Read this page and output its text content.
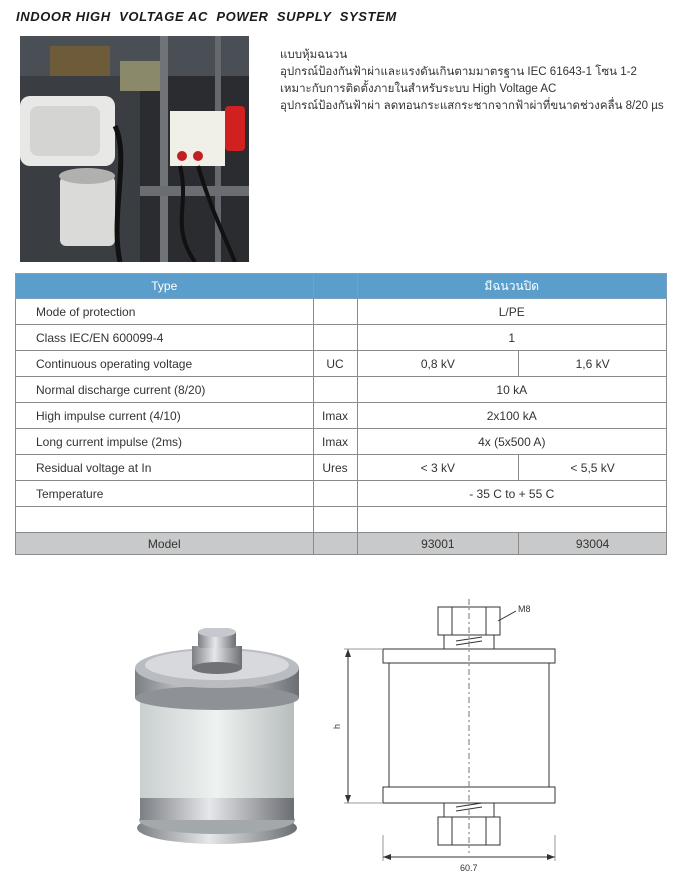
INDOOR HIGH  VOLTAGE AC  POWER  SUPPLY  SYSTEM
แบบหุ้มฉนวน
อุปกรณ์ป้องกันฟ้าผ่าและแรงดันเกินตามมาตรฐาน IEC 61643-1 โซน 1-2
เหมาะกับการติดตั้งภายในสำหรับระบบ High Voltage AC
อุปกรณ์ป้องกันฟ้าผ่า ลดทอนกระแสกระชากจากฟ้าผ่าที่ขนาดช่วงคลื่น 8/20 µs
Type		มีฉนวนปิด	
Mode of protection		L/PE	
Class IEC/EN 600099-4		1	
Continuous operating voltage	UC	0,8 kV	1,6 kV
Normal discharge current (8/20)		10 kA	
High impulse current (4/10)	Imax	2x100 kA	
Long current impulse (2ms)	Imax	4x (5x500 A)	
Residual voltage at In	Ures	< 3 kV	< 5,5 kV
Temperature		- 35 C to + 55 C	

Model		93001	93004
M8
h
60.7
